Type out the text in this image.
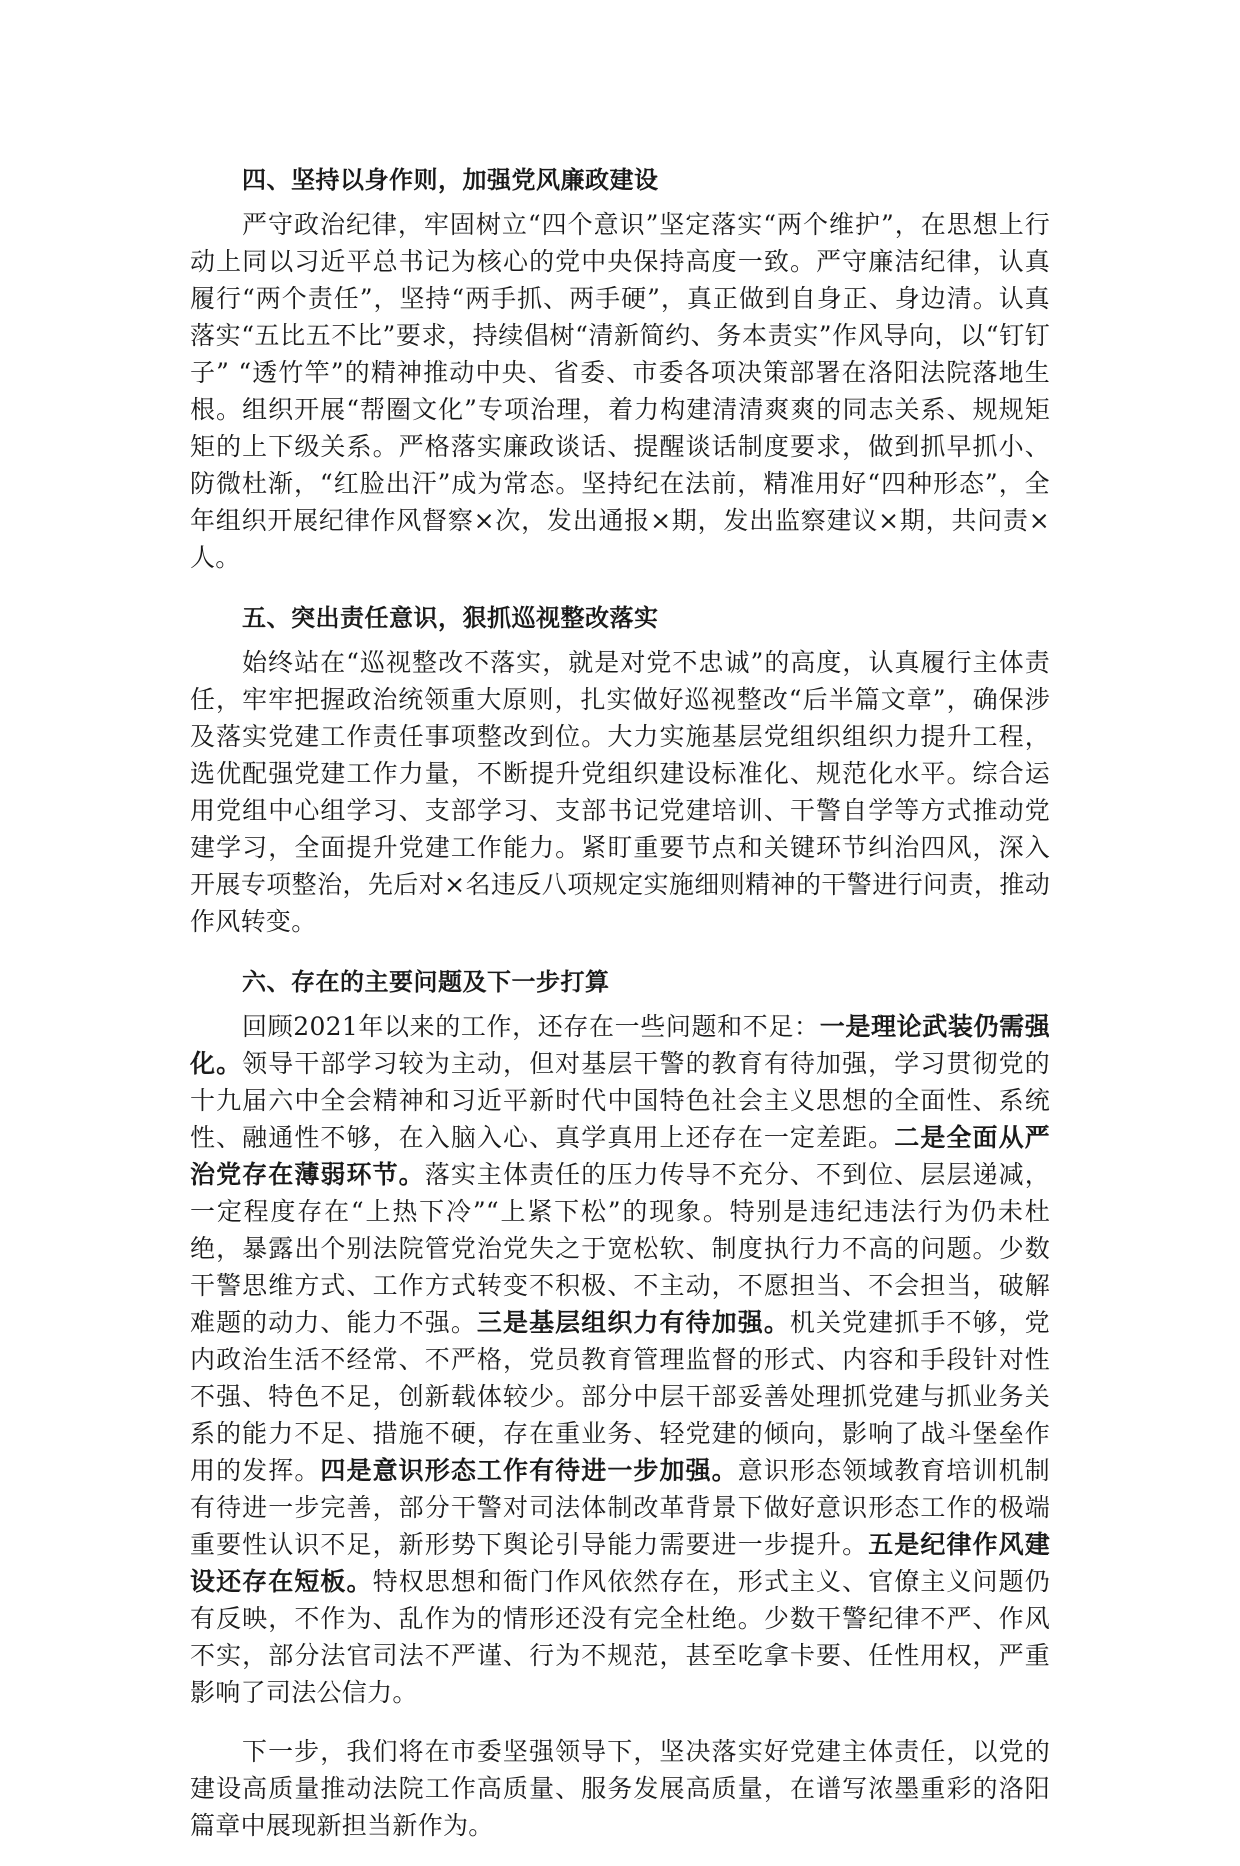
四、坚持以身作则，加强党风廉政建设

严守政治纪律，牢固树立“四个意识”坚定落实“两个维护”，在思想上行动上同以习近平总书记为核心的党中央保持高度一致。严守廉洁纪律，认真履行“两个责任”，坚持“两手抓、两手硬”，真正做到自身正、身边清。认真落实“五比五不比”要求，持续倡树“清新简约、务本责实”作风导向，以“钉钉子” “透竹竿”的精神推动中央、省委、市委各项决策部署在洛阳法院落地生根。组织开展“帮圈文化”专项治理，着力构建清清爽爽的同志关系、规规矩矩的上下级关系。严格落实廉政谈话、提醒谈话制度要求，做到抓早抓小、防微杜渐，“红脸出汗”成为常态。坚持纪在法前，精准用好“四种形态”，全年组织开展纪律作风督察×次，发出通报×期，发出监察建议×期，共问责×人。

五、突出责任意识，狠抓巡视整改落实

始终站在“巡视整改不落实，就是对党不忠诚”的高度，认真履行主体责任，牢牢把握政治统领重大原则，扎实做好巡视整改“后半篇文章”，确保涉及落实党建工作责任事项整改到位。大力实施基层党组织组织力提升工程，选优配强党建工作力量，不断提升党组织建设标准化、规范化水平。综合运用党组中心组学习、支部学习、支部书记党建培训、干警自学等方式推动党建学习，全面提升党建工作能力。紧盯重要节点和关键环节纠治四风，深入开展专项整治，先后对×名违反八项规定实施细则精神的干警进行问责，推动作风转变。

六、存在的主要问题及下一步打算

回顾2021年以来的工作，还存在一些问题和不足：一是理论武装仍需强化。领导干部学习较为主动，但对基层干警的教育有待加强，学习贯彻党的十九届六中全会精神和习近平新时代中国特色社会主义思想的全面性、系统性、融通性不够，在入脑入心、真学真用上还存在一定差距。二是全面从严治党存在薄弱环节。落实主体责任的压力传导不充分、不到位、层层递减，一定程度存在“上热下冷”“上紧下松”的现象。特别是违纪违法行为仍未杜绝，暴露出个别法院管党治党失之于宽松软、制度执行力不高的问题。少数干警思维方式、工作方式转变不积极、不主动，不愿担当、不会担当，破解难题的动力、能力不强。三是基层组织力有待加强。机关党建抓手不够，党内政治生活不经常、不严格，党员教育管理监督的形式、内容和手段针对性不强、特色不足，创新载体较少。部分中层干部妥善处理抓党建与抓业务关系的能力不足、措施不硬，存在重业务、轻党建的倾向，影响了战斗堡垒作用的发挥。四是意识形态工作有待进一步加强。意识形态领域教育培训机制有待进一步完善，部分干警对司法体制改革背景下做好意识形态工作的极端重要性认识不足，新形势下舆论引导能力需要进一步提升。五是纪律作风建设还存在短板。特权思想和衙门作风依然存在，形式主义、官僚主义问题仍有反映，不作为、乱作为的情形还没有完全杜绝。少数干警纪律不严、作风不实，部分法官司法不严谨、行为不规范，甚至吃拿卡要、任性用权，严重影响了司法公信力。

下一步，我们将在市委坚强领导下，坚决落实好党建主体责任，以党的建设高质量推动法院工作高质量、服务发展高质量，在谱写浓墨重彩的洛阳篇章中展现新担当新作为。
